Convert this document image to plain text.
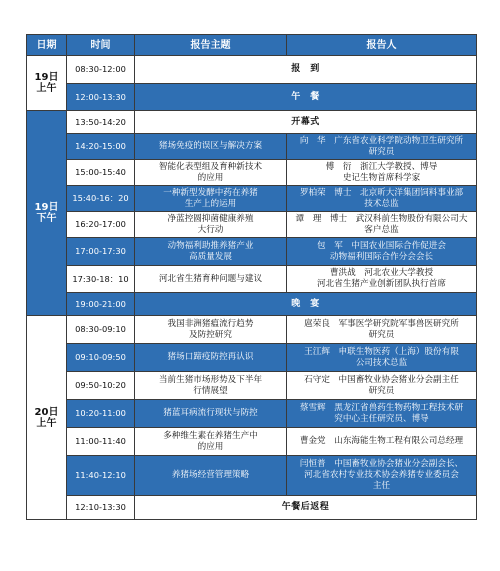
日期	时间	报告主题	报告人
19日
上午	08:30-12:00	报　到	
	12:00-13:30	午　餐	
19日
下午	13:50-14:20	开幕式	
	14:20-15:00	猪场免疫的误区与解决方案	向　华　广东省农业科学院动物卫生研究所
研究员
	15:00-15:40	智能化表型组及育种新技术
的应用	傅　衍　浙江大学教授、博导
史记生物首席科学家
	15:40-16：20	一种新型发酵中药在养猪
生产上的运用	罗柏荣　博士　北京昕大洋集团饲料事业部
技术总监
	16:20-17:00	净蓝控圆抑菌健康养殖
大行动	谭　理　博士　武汉科前生物股份有限公司大
客户总监
	17:00-17:30	动物福利助推养猪产业
高质量发展	包　军　中国农业国际合作促进会
动物福利国际合作分会会长
	17:30-18：10	河北省生猪育种问题与建议	曹洪战　河北农业大学教授
河北省生猪产业创新团队执行首席
	19:00-21:00	晚　宴	
20日
上午	08:30-09:10	我国非洲猪瘟流行趋势
及防控研究	扈荣良　军事医学研究院军事兽医研究所
研究员
	09:10-09:50	猪场口蹄疫防控再认识	王江辉　申联生物医药（上海）股份有限
公司技术总监
	09:50-10:20	当前生猪市场形势及下半年
行情展望	石守定　中国畜牧业协会猪业分会副主任
研究员
	10:20-11:00	猪蓝耳病流行现状与防控	蔡雪辉　黑龙江省兽药生物药物工程技术研
究中心主任研究员、博导
	11:00-11:40	多种维生素在养猪生产中
的应用	曹金党　山东海能生物工程有限公司总经理
	11:40-12:10	养猪场经营管理策略	闫恒普　中国畜牧业协会猪业分会副会长、
河北省农村专业技术协会养猪专业委员会
主任
	12:10-13:30	午餐后返程	
